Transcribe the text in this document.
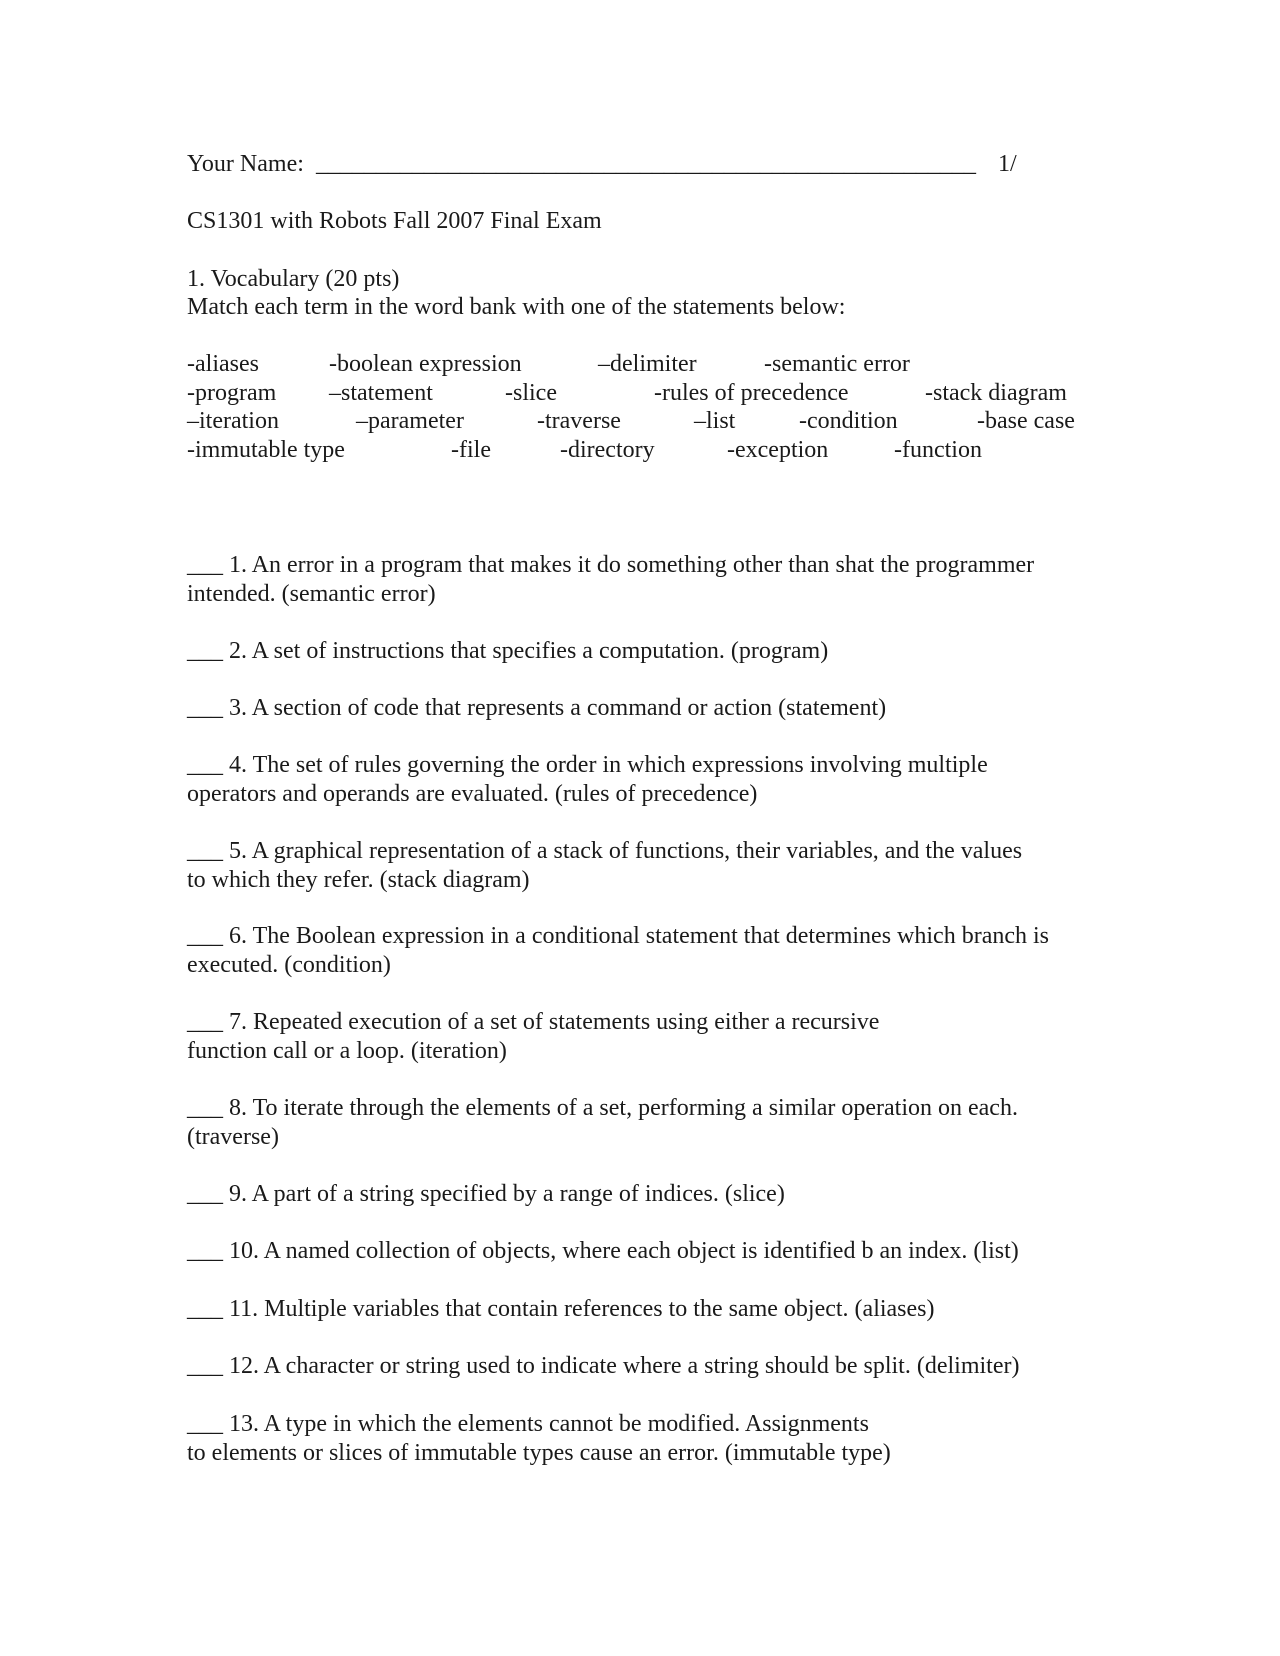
Your Name: _______________________________________________________ 1/
CS1301 with Robots Fall 2007 Final Exam
1. Vocabulary (20 pts)
Match each term in the word bank with one of the statements below:
-aliases	-boolean expression	–delimiter	-semantic error
-program –statement	-slice	-rules of precedence	-stack diagram
–iteration	–parameter	-traverse	–list	-condition	-base case
-immutable type	-file	-directory	-exception	-function
___ 1. An error in a program that makes it do something other than shat the programmer
intended. (semantic error)
___ 2. A set of instructions that specifies a computation. (program)
___ 3. A section of code that represents a command or action (statement)
___ 4. The set of rules governing the order in which expressions involving multiple
operators and operands are evaluated. (rules of precedence)
___ 5. A graphical representation of a stack of functions, their variables, and the values
to which they refer. (stack diagram)
___ 6. The Boolean expression in a conditional statement that determines which branch is
executed. (condition)
___ 7. Repeated execution of a set of statements using either a recursive
function call or a loop. (iteration)
___ 8. To iterate through the elements of a set, performing a similar operation on each.
(traverse)
___ 9. A part of a string specified by a range of indices. (slice)
___ 10. A named collection of objects, where each object is identified b an index. (list)
___ 11. Multiple variables that contain references to the same object. (aliases)
___ 12. A character or string used to indicate where a string should be split. (delimiter)
___ 13. A type in which the elements cannot be modified. Assignments
to elements or slices of immutable types cause an error. (immutable type)
